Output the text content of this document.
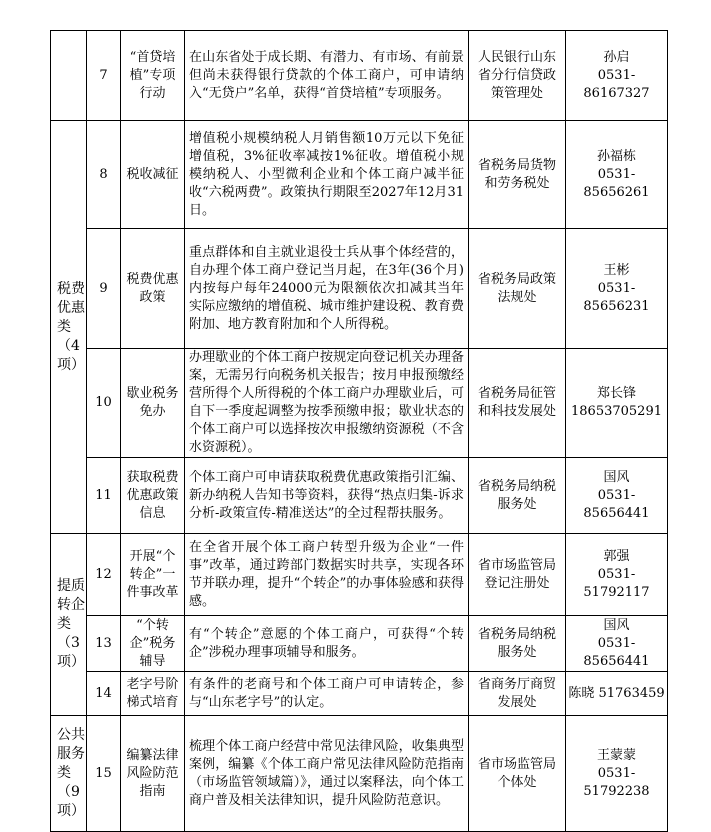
	7	“首贷培植”专项行动	在山东省处于成长期、有潜力、有市场、有前景但尚未获得银行贷款的个体工商户，可申请纳入“无贷户”名单，获得“首贷培植”专项服务。	人民银行山东省分行信贷政策管理处	孙启
0531-86167327

税费优惠类（4项）	8	税收减征	增值税小规模纳税人月销售额10万元以下免征增值税，3%征收率减按1%征收。增值税小规模纳税人、小型微利企业和个体工商户减半征收“六税两费”。政策执行期限至2027年12月31日。	省税务局货物和劳务税处	孙福栋
0531-85656261

	9	税费优惠政策	重点群体和自主就业退役士兵从事个体经营的，自办理个体工商户登记当月起，在3年(36个月)内按每户每年24000元为限额依次扣减其当年实际应缴纳的增值税、城市维护建设税、教育费附加、地方教育附加和个人所得税。	省税务局政策法规处	王彬
0531-85656231

	10	歇业税务免办	办理歇业的个体工商户按规定向登记机关办理备案，无需另行向税务机关报告；按月申报预缴经营所得个人所得税的个体工商户办理歇业后，可自下一季度起调整为按季预缴申报；歇业状态的个体工商户可以选择按次申报缴纳资源税（不含水资源税）。	省税务局征管和科技发展处	郑长锋
18653705291

	11	获取税费优惠政策信息	个体工商户可申请获取税费优惠政策指引汇编、新办纳税人告知书等资料，获得“热点归集-诉求分析-政策宣传-精准送达”的全过程帮扶服务。	省税务局纳税服务处	国风
0531-85656441

提质转企类（3项）	12	开展“个转企”一件事改革	在全省开展个体工商户转型升级为企业“一件事”改革，通过跨部门数据实时共享，实现各环节并联办理，提升“个转企”的办事体验感和获得感。	省市场监管局登记注册处	郭强
0531-51792117

	13	“个转企”税务辅导	有“个转企”意愿的个体工商户，可获得“个转企”涉税办理事项辅导和服务。	省税务局纳税服务处	国风
0531-85656441

	14	老字号阶梯式培育	有条件的老商号和个体工商户可申请转企，参与“山东老字号”的认定。	省商务厅商贸发展处	陈晓 51763459
公共服务类（9项）	15	编纂法律风险防范指南	梳理个体工商户经营中常见法律风险，收集典型案例，编纂《个体工商户常见法律风险防范指南（市场监管领域篇）》，通过以案释法，向个体工商户普及相关法律知识，提升风险防范意识。	省市场监管局个体处	王蒙蒙
0531-51792238
